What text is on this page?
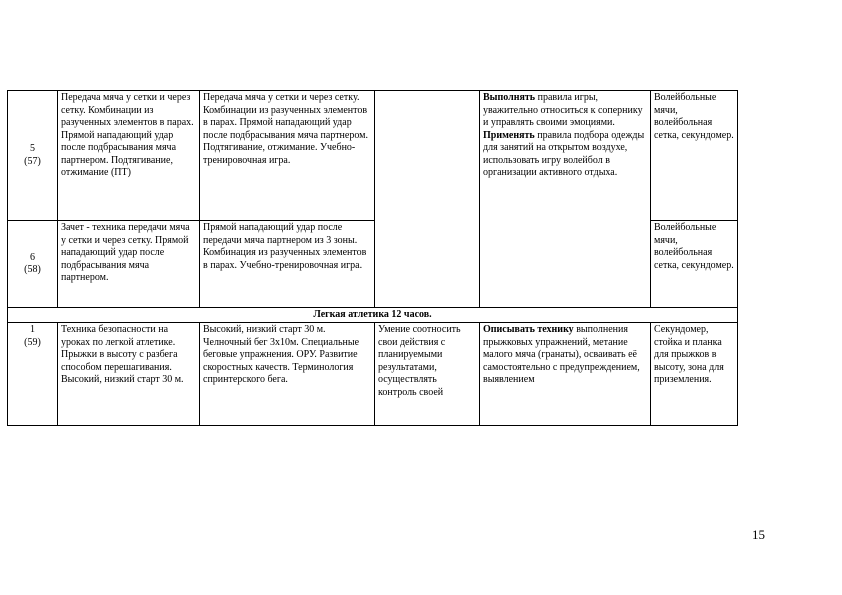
5
(57)	Передача мяча у сетки и через сетку. Комбинации из разученных элементов в парах. Прямой нападающий удар после подбрасывания мяча партнером. Подтягивание, отжимание (ПТ)	Передача мяча у сетки и через сетку. Комбинации из разученных элементов в парах. Прямой нападающий удар после подбрасывания мяча партнером. Подтягивание, отжимание. Учебно-тренировочная игра.		Выполнять правила игры, уважительно относиться к сопернику и управлять своими эмоциями. Применять правила подбора одежды для занятий на открытом воздухе, использовать игру волейбол в организации активного отдыха.	Волейбольные мячи, волейбольная сетка, секундомер.

6
(58)	Зачет - техника передачи мяча у сетки и через сетку. Прямой нападающий удар после подбрасывания мяча партнером.	Прямой нападающий удар после передачи мяча партнером из 3 зоны. Комбинация из разученных элементов в парах. Учебно-тренировочная игра.			Волейбольные мячи, волейбольная сетка, секундомер.
Легкая атлетика 12 часов.					

1
(59)	Техника безопасности на уроках по легкой атлетике. Прыжки в высоту с разбега способом перешагивания. Высокий, низкий старт 30 м.	Высокий, низкий старт 30 м. Челночный бег 3х10м. Специальные беговые упражнения. ОРУ. Развитие скоростных качеств. Терминология спринтерского бега.	Умение соотносить свои действия с планируемыми результатами, осуществлять контроль своей	Описывать технику выполнения прыжковых упражнений, метание малого мяча (гранаты), осваивать её самостоятельно с предупреждением, выявлением	Секундомер, стойка и планка для прыжков в высоту, зона для приземления.
15
